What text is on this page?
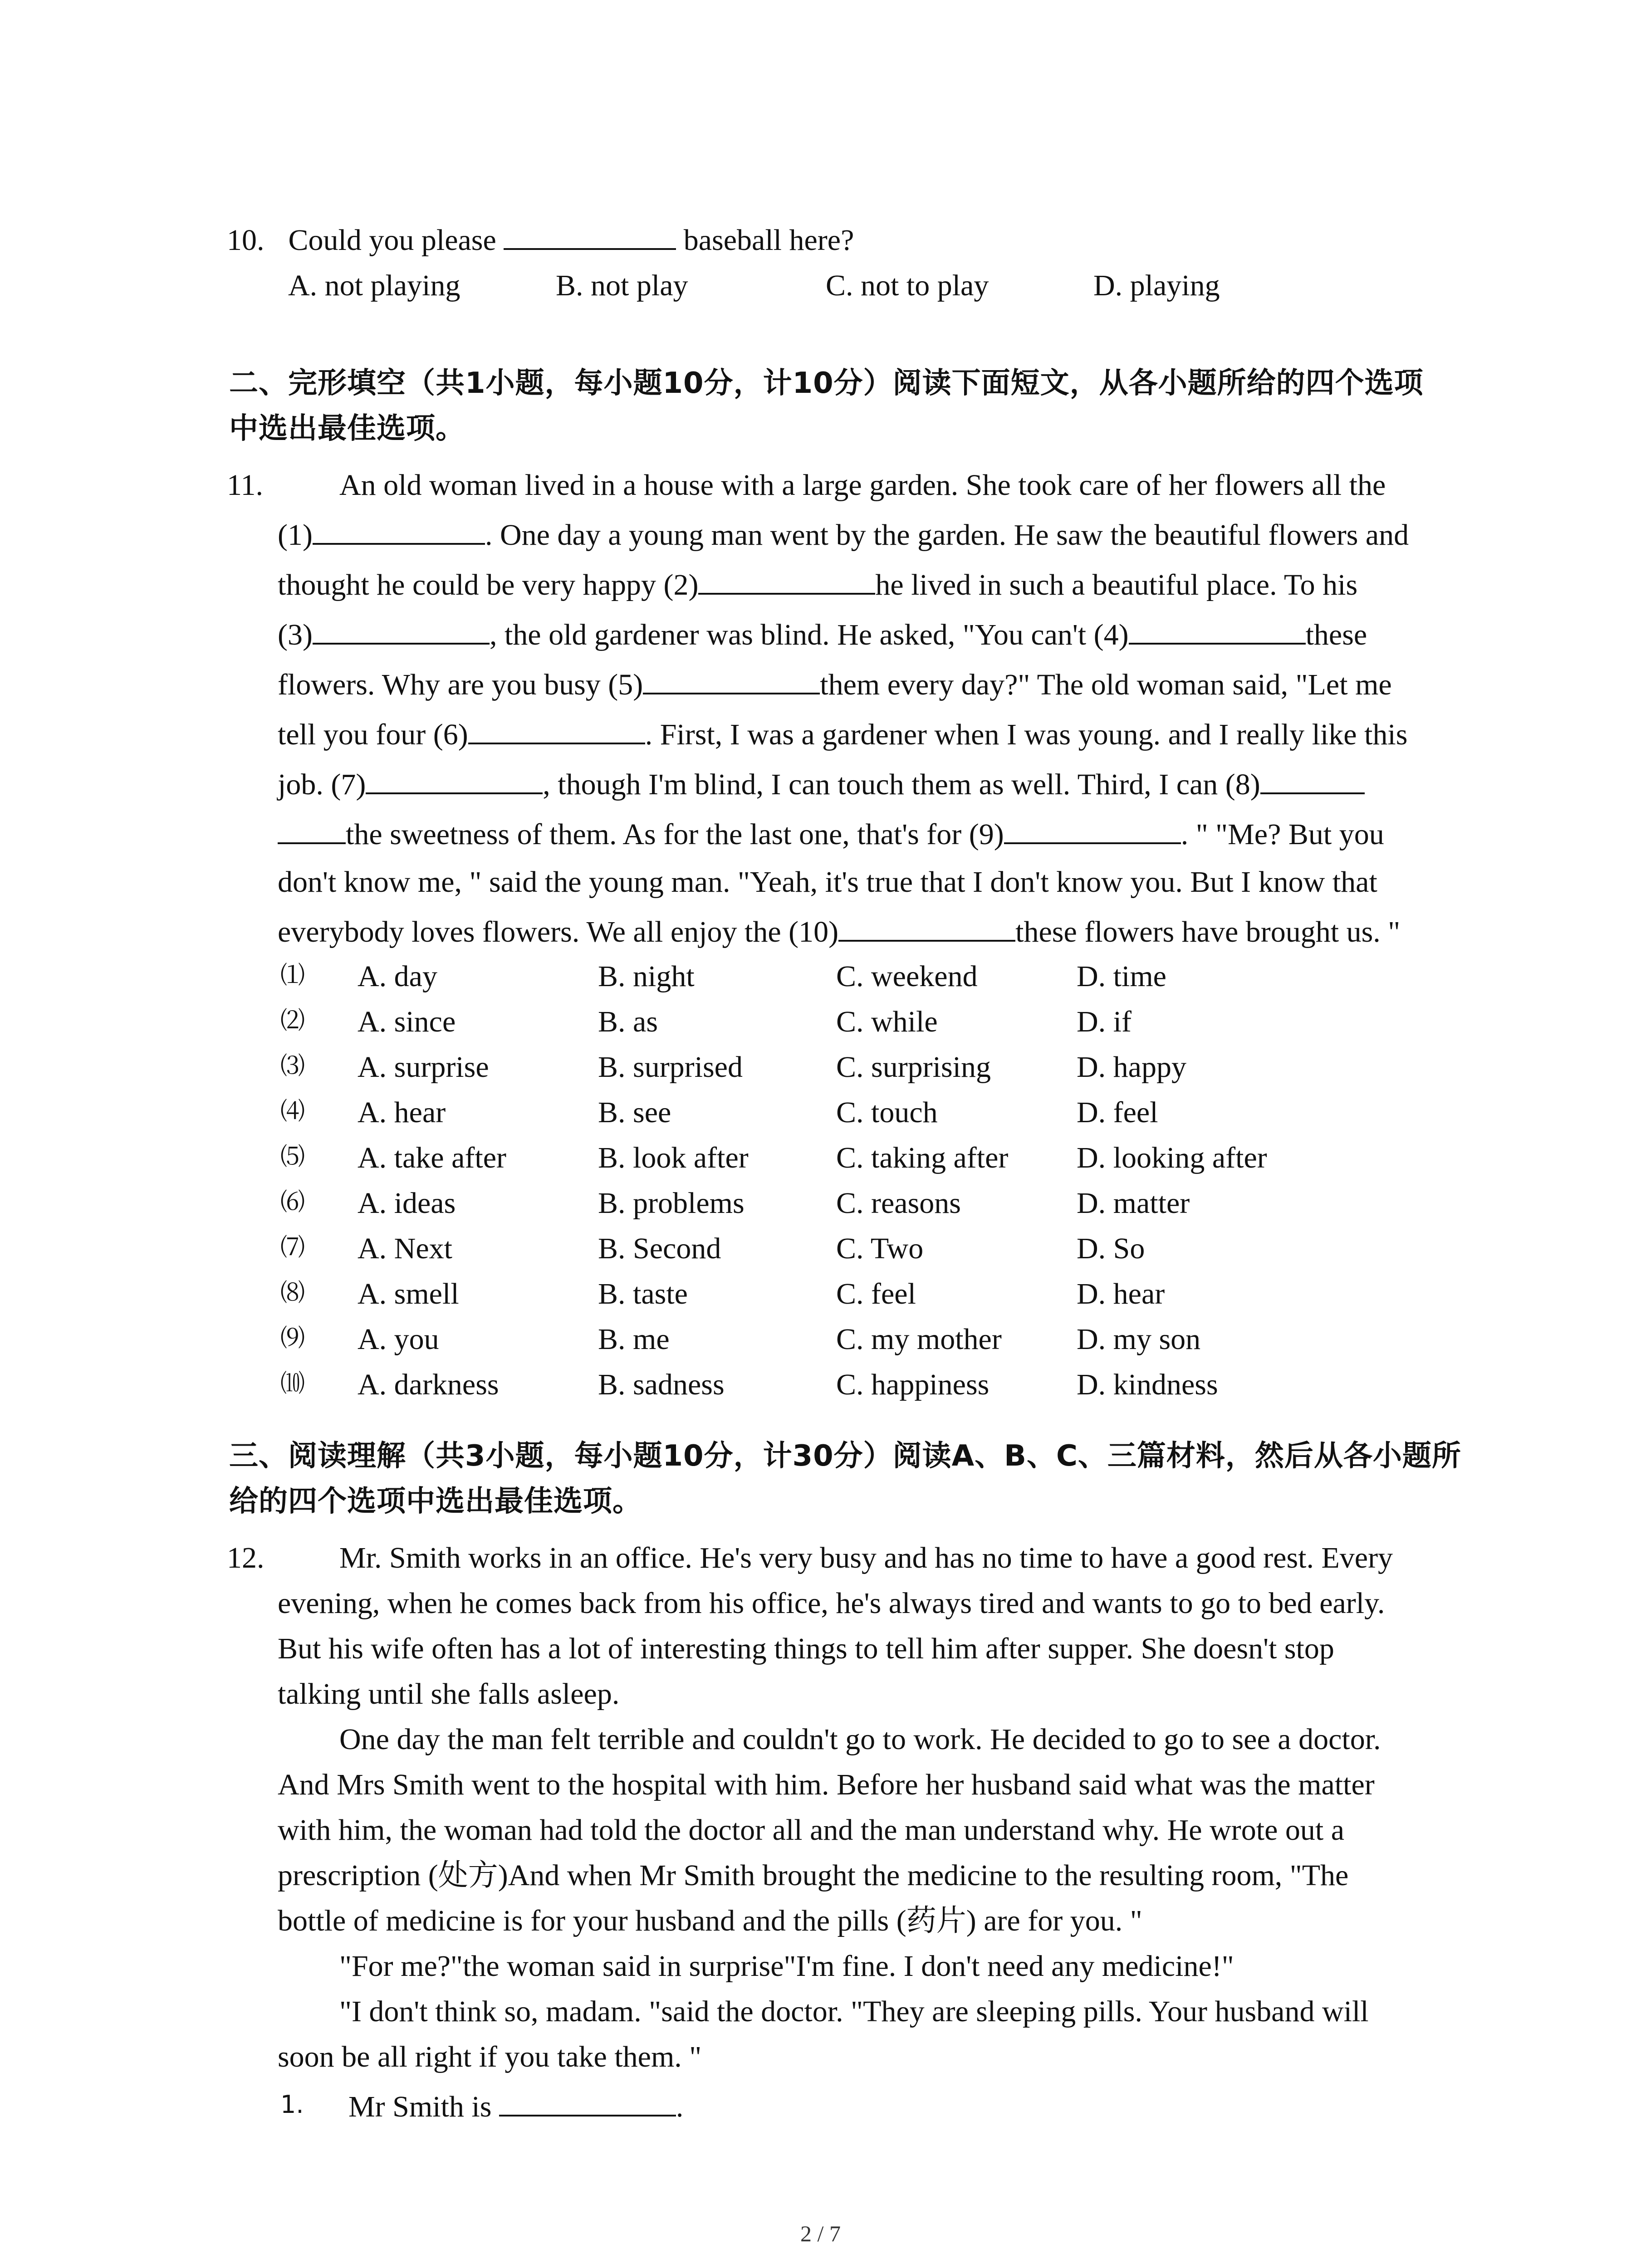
10. Could you please	baseball here?
A. not playing	B. not play	C. not to play	D. playing
二、完形填空（共1小题，每小题10分，计10分）阅读下面短文，从各小题所给的四个选项
中选出最佳选项。
11.	An old woman lived in a house with a large garden. She took care of her flowers all the
(1)	. One day a young man went by the garden. He saw the beautiful flowers and
thought he could be very happy (2)	he lived in such a beautiful place. To his
(3)	, the old gardener was blind. He asked, "You can't (4)	these
flowers. Why are you busy (5)	them every day?" The old woman said, "Let me
tell you four (6)	. First, I was a gardener when I was young. and I really like this
job. (7)	, though I'm blind, I can touch them as well. Third, I can (8)
the sweetness of them. As for the last one, that's for (9)	. " "Me? But you
don't know me, " said the young man. "Yeah, it's true that I don't know you. But I know that
everybody loves flowers. We all enjoy the (10)	these flowers have brought us. "
⑴ A. day	B. night	C. weekend	D. time
⑵ A. since	B. as	C. while	D. if
⑶ A. surprise	B. surprised	C. surprising	D. happy
⑷ A. hear	B. see	C. touch	D. feel
⑸ A. take after	B. look after	C. taking after D. looking after
⑹ A. ideas	B. problems	C. reasons	D. matter
⑺ A. Next	B. Second	C. Two	D. So
⑻ A. smell	B. taste	C. feel	D. hear
⑼ A. you	B. me	C. my mother	D. my son
⑽ A. darkness	B. sadness	C. happiness	D. kindness
三、阅读理解（共3小题，每小题10分，计30分）阅读A、B、C、三篇材料，然后从各小题所
给的四个选项中选出最佳选项。
12.	Mr. Smith works in an office. He's very busy and has no time to have a good rest. Every
evening, when he comes back from his office, he's always tired and wants to go to bed early.
But his wife often has a lot of interesting things to tell him after supper. She doesn't stop
talking until she falls asleep.
One day the man felt terrible and couldn't go to work. He decided to go to see a doctor.
And Mrs Smith went to the hospital with him. Before her husband said what was the matter
with him, the woman had told the doctor all and the man understand why. He wrote out a
prescription (处方)And when Mr Smith brought the medicine to the resulting room, "The
bottle of medicine is for your husband and the pills (药片) are for you. "
"For me?"the woman said in surprise"I'm fine. I don't need any medicine!"
"I don't think so, madam. "said the doctor. "They are sleeping pills. Your husband will
soon be all right if you take them. "
1. Mr Smith is	.
2 / 7
